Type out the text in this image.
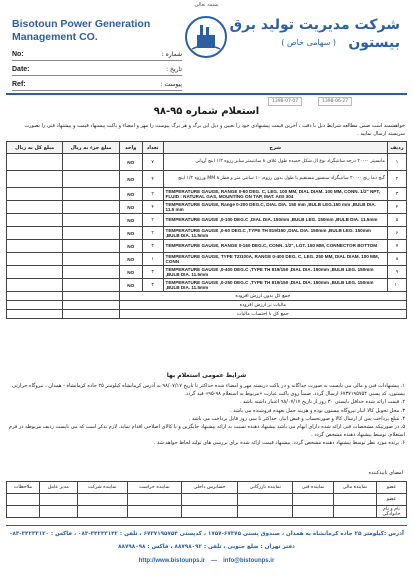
بسمه تعالی
Bisotoun Power Generation
Management CO.
شرکت مدیریت تولید برق بیستون
( سهامی خاص )
No:	شماره :
Date:	تاریخ :
Ref:	پیوست :
1398-06-27
1398-07-07
استعلام شماره ۹۵-۹۸
خواهشمند است ضمن مطالعه شرایط ذیل با دقت ، آخرین قیمت پیشنهادی خود را تعیین و ذیل این برگ و هر برگ پیوست را مهر و امضاء و پاکت پیشنهاد قیمت و پیشنهاد فنی را بصورت سربسته ارسال نمایید .
ردیف	شرح	تعداد	واحد	مبلغ جزء به ریال	مبلغ کل به ریال
۱	مانسیتر ۰-۲۰۰ درجه سانتیگراد نوع ال شکل خمیده طول غلاف ۸ سانتیمتر سایز رزوه ۱/۲ اینچ آرپانی	۷	NO		
۲	گیج دما رنج ۰-۲۰۰ سانتیگراد سنسور مستقیم با طول بدون رزوه، ۱۰ سانتی متر و قطر MM ۸ ورزوه ۱/۲ اینچ	۴	NO		
۳	TEMPERATURE GAUGE, RANGE 0-60 DEG. C, LEG. 100 MM, DIAL DIAM. 100 MM, CONN. 1/2" NPT, FLUID : NATURAL GAS, MOUNTING ON TAP, MAT. AISI 304	۲	NO		
۴	TEMPERATURE GAUGE, Range 0-200 DEG.C, DIAL DIA. 150 mm ,BULB LEG.150 mm ,BULB DIA. 11.5 mm	۴	NO		
۵	TEMPERATURE GAUGE ,0-100 DEG.C ,DIAL DIA. 150mm ,BULB LEG. 150mm ,BULB DIA. 11.5mm	۲	NO		
۶	TEMPERATURE GAUGE ,0-60 DEG.C ,TYPE TH 819/150 ,DIAL DIA. 150mm ,BULB LEG. 150mm ,BULB DIA. 11.5mm	۲	NO		
۷	TEMPERATURE GAUGE, RANGE 0-160 DEG.C, CONN. 1/2", LGT. 150 MM, CONNECTOR BOTTOM	۳	NO		
۸	TEMPERATURE GAUGE, TYPE TZI100A, RANGE 0-400 DEG. C, LEG. 250 MM, DIAL DIAM. 100 MM, CONN	۱	NO		
۹	TEMPERATURE GAUGE ,0-400 DEG.C ,TYPE TH 819/150 ,DIAL DIA. 150mm ,BULB LEG. 150mm ,BULB DIA. 11.5mm	۳	NO		
۱۰	TEMPERATURE GAUGE ,0-250 DEG.C ,TYPE TH 819/150 ,DIAL DIA. 150mm ,BULB LEG. 150mm ,BULB DIA. 11.5mm	۳	NO		
جمع کل بدون ارزش افزوده					
مالیات بر ارزش افزوده					
جمع کل با احتساب مالیات					
شرایط عمومی استعلام بها
۱. پیشنهادات فنی و مالی می بایست به صورت جداگانه و در پاکت دربسته مهر و امضاء شده حداکثر تا تاریخ ۹۸/۰۷/۱۷ به آدرس کرمانشاه کیلومتر ۲۵ جاده کرمانشاه - همدان ، نیروگاه حرارتی بیستون، کد پستی ۶۷۳۷۱۹۵۷۵۴ ارسال گردد. ضمناً روی پاکت عبارت «مربوط به استعلام ۹۸-۹۵» قید گردد.
۲. قیمت ارائه شده حداقل بایستی ۳۰ روز از تاریخ ۹۸/۰۷/۱۷ اعتبار داشته باشد .
۳. محل تحویل کالا انبار نیروگاه بیستون بوده و هزینه حمل بعهده فروشنده می باشد .
۴. مبلغ پرداخت پس از ارسال کالا و صورتحساب و قبض انبار، حداکثر تا سی روز قابل پرداخت می باشد .
۵. در صورتیکه مشخصات فنی ارائه شده دارای ابهام می باشد پیشنهاد دهنده نسبت به ارائه پیشنهاد جایگزین و یا کالای اصلاحی اقدام نماید. لازم بذکر است که می بایست ردیف مربوطه در فرم استعلام، توسط پیشنهاد دهنده مشخص گردد .
۶. برنده مورد نظر توسط پیشنهاد دهنده مشخص گردد. پیشنهاد قیمت ارائه شده برای بررسی های تولید لحاظ خواهد شد .
امضای تاییدکننده
عضو	نماینده مالی	نماینده فنی	نماینده بازرگانی	حسابرس داخلی	نماینده حراست	نماینده شرکت	مدیر عامل	ملاحظات
عضو								
نام و نام خانوادگی								
آدرس :کیلومتر ۲۵ جاده کرمانشاه به همدان ، صندوق پستی ۶۷۳۷۵-۱۷۵۷ ، کدپستی ۶۷۳۷۱۹۵۷۵۴ ، تلفن : ۳۴۲۳۳۱۴۲-۰۸۳ ، فاکس : ۳۴۲۳۳۱۲۰-۰۸۳
دفتر تهران : ضلع جنوبی ، تلفن : ۸۸۷۹۸۰۹۲ ، فاکس : ۸۸۷۹۸۰۹۸
http://www.bistounps.ir — info@bistounps.ir
